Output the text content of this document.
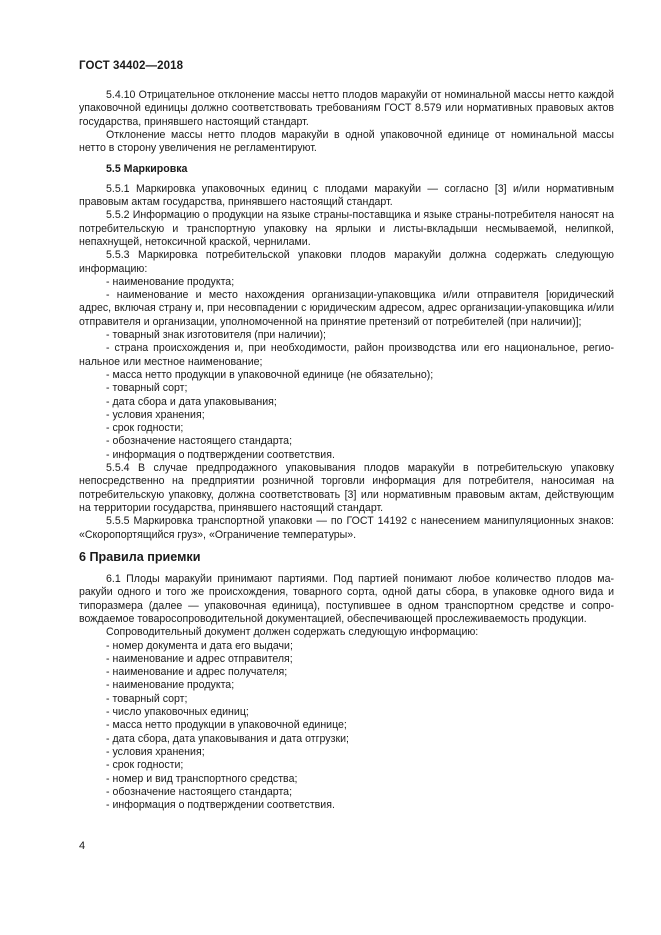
ГОСТ 34402—2018

5.4.10 Отрицательное отклонение массы нетто плодов маракуйи от номинальной массы нетто каждой упаковочной единицы должно соответствовать требованиям ГОСТ 8.579 или нормативных правовых актов государства, принявшего настоящий стандарт.

Отклонение массы нетто плодов маракуйи в одной упаковочной единице от номинальной массы нетто в сторону увеличения не регламентируют.

5.5 Маркировка

5.5.1 Маркировка упаковочных единиц с плодами маракуйи — согласно [3] и/или нормативным правовым актам государства, принявшего настоящий стандарт.

5.5.2 Информацию о продукции на языке страны-поставщика и языке страны-потребителя наносят на потребительскую и транспортную упаковку на ярлыки и листы-вкладыши несмываемой, нелипкой, непахнущей, нетоксичной краской, чернилами.

5.5.3 Маркировка потребительской упаковки плодов маракуйи должна содержать следующую информацию:

- наименование продукта;

- наименование и место нахождения организации-упаковщика и/или отправителя [юридический адрес, включая страну и, при несовпадении с юридическим адресом, адрес организации-упаковщика и/или отправителя и организации, уполномоченной на принятие претензий от потребителей (при наличии)];

- товарный знак изготовителя (при наличии);

- страна происхождения и, при необходимости, район производства или его национальное, региональное или местное наименование;

- масса нетто продукции в упаковочной единице (не обязательно);

- товарный сорт;

- дата сбора и дата упаковывания;

- условия хранения;

- срок годности;

- обозначение настоящего стандарта;

- информация о подтверждении соответствия.

5.5.4 В случае предпродажного упаковывания плодов маракуйи в потребительскую упаковку непосредственно на предприятии розничной торговли информация для потребителя, наносимая на потребительскую упаковку, должна соответствовать [3] или нормативным правовым актам, действующим на территории государства, принявшего настоящий стандарт.

5.5.5 Маркировка транспортной упаковки — по ГОСТ 14192 с нанесением манипуляционных знаков: «Скоропортящийся груз», «Ограничение температуры».

6 Правила приемки

6.1 Плоды маракуйи принимают партиями. Под партией понимают любое количество плодов маракуйи одного и того же происхождения, товарного сорта, одной даты сбора, в упаковке одного вида и типоразмера (далее — упаковочная единица), поступившее в одном транспортном средстве и сопровождаемое товаросопроводительной документацией, обеспечивающей прослеживаемость продукции.

Сопроводительный документ должен содержать следующую информацию:

- номер документа и дата его выдачи;

- наименование и адрес отправителя;

- наименование и адрес получателя;

- наименование продукта;

- товарный сорт;

- число упаковочных единиц;

- масса нетто продукции в упаковочной единице;

- дата сбора, дата упаковывания и дата отгрузки;

- условия хранения;

- срок годности;

- номер и вид транспортного средства;

- обозначение настоящего стандарта;

- информация о подтверждении соответствия.

4
